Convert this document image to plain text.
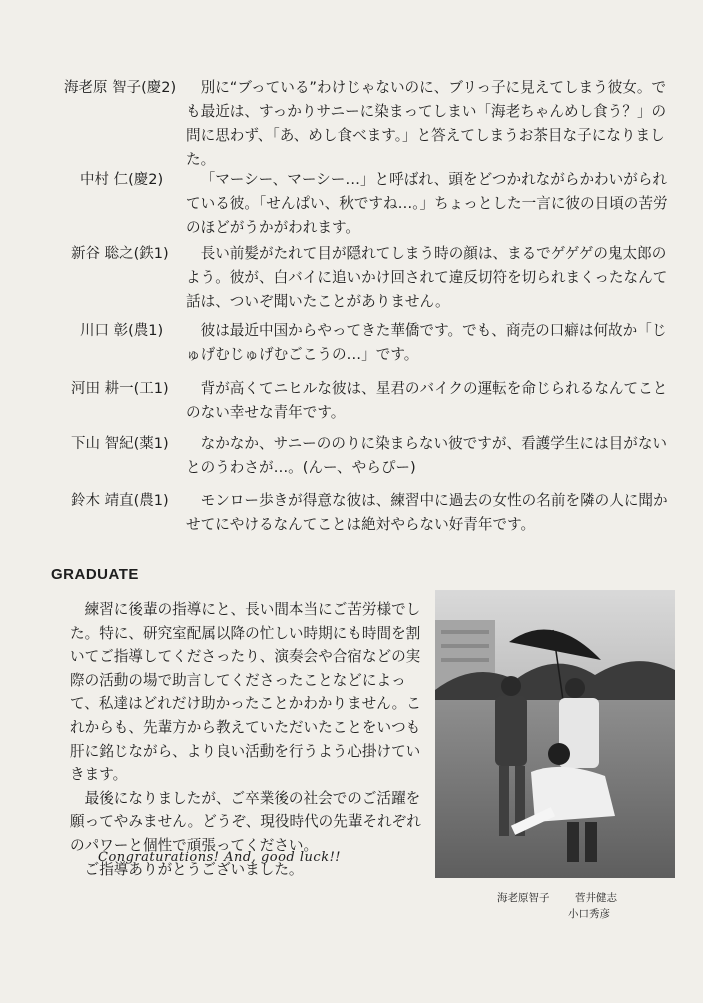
海老原 智子(慶2)	別に“ブっている”わけじゃないのに、ブリっ子に見えてしまう彼女。でも最近は、すっかりサニーに染まってしまい「海老ちゃんめし食う？」の問に思わず、「あ、めし食べます。」と答えてしまうお茶目な子になりました。

中村 仁(慶2)	「マーシー、マーシー…」と呼ばれ、頭をどつかれながらかわいがられている彼。「せんぱい、秋ですね…。」ちょっとした一言に彼の日頃の苦労のほどがうかがわれます。

新谷 聡之(鉄1)	長い前髪がたれて目が隠れてしまう時の顔は、まるでゲゲゲの鬼太郎のよう。彼が、白バイに追いかけ回されて違反切符を切られまくったなんて話は、ついぞ聞いたことがありません。

川口 彰(農1)	彼は最近中国からやってきた華僑です。でも、商売の口癖は何故か「じゅげむじゅげむごこうの…」です。

河田 耕一(工1)	背が高くてニヒルな彼は、星君のバイクの運転を命じられるなんてことのない幸せな青年です。

下山 智紀(薬1)	なかなか、サニーののりに染まらない彼ですが、看護学生には目がないとのうわさが…。(んー、やらぴー)

鈴木 靖直(農1)	モンロー歩きが得意な彼は、練習中に過去の女性の名前を隣の人に聞かせてにやけるなんてことは絶対やらない好青年です。

GRADUATE

練習に後輩の指導にと、長い間本当にご苦労様でした。特に、研究室配属以降の忙しい時期にも時間を割いてご指導してくださったり、演奏会や合宿などの実際の活動の場で助言してくださったことなどによって、私達はどれだけ助かったことかわかりません。これからも、先輩方から教えていただいたことをいつも肝に銘じながら、より良い活動を行うよう心掛けていきます。

最後になりましたが、ご卒業後の社会でのご活躍を願ってやみません。どうぞ、現役時代の先輩それぞれのパワーと個性で頑張ってください。

ご指導ありがとうございました。

Congraturations! And, good luck!!
海老原智子 菅井健志
小口秀彦
